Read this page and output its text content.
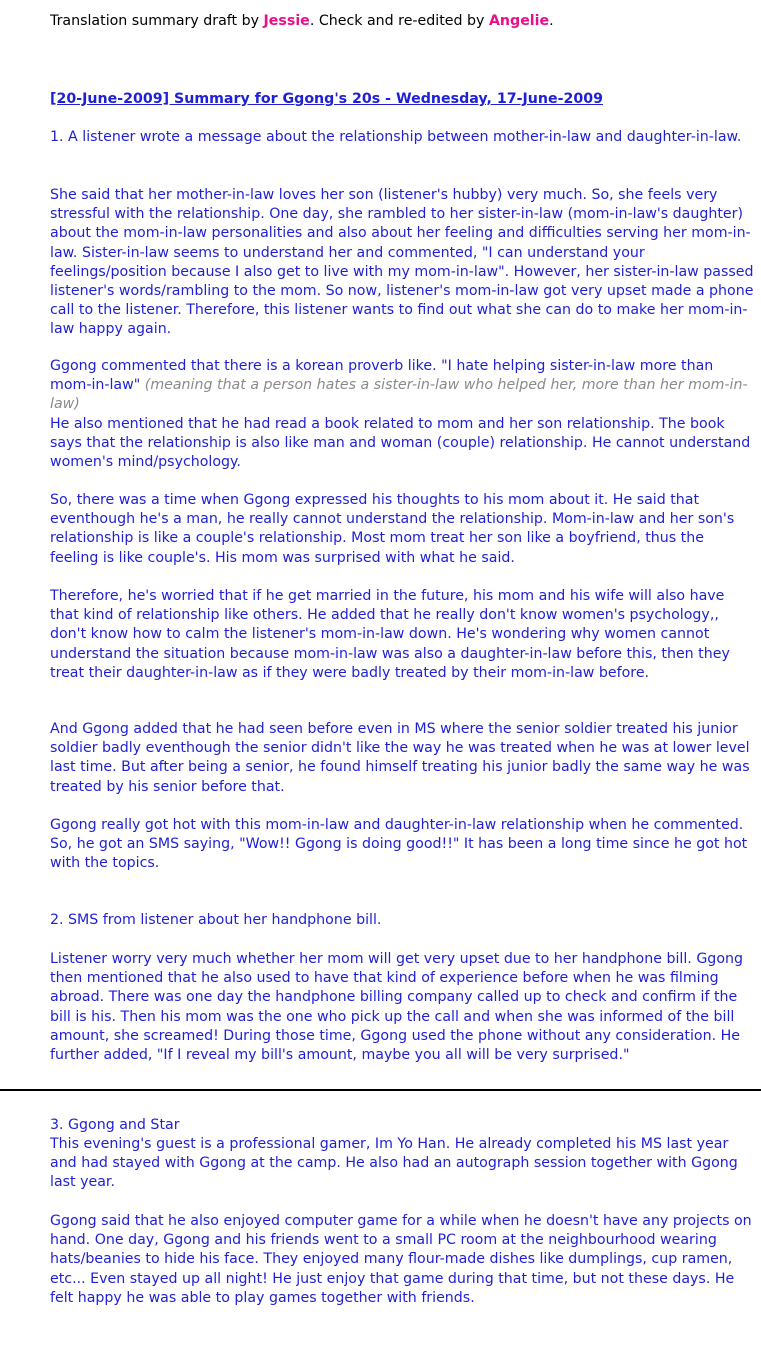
Translation summary draft by Jessie. Check and re-edited by Angelie.

[20-June-2009] Summary for Ggong's 20s - Wednesday, 17-June-2009

1. A listener wrote a message about the relationship between mother-in-law and daughter-in-law.

She said that her mother-in-law loves her son (listener's hubby) very much. So, she feels very stressful with the relationship. One day, she rambled to her sister-in-law (mom-in-law's daughter) about the mom-in-law personalities and also about her feeling and difficulties serving her mom-in-law. Sister-in-law seems to understand her and commented, "I can understand your feelings/position because I also get to live with my mom-in-law". However, her sister-in-law passed listener's words/rambling to the mom. So now, listener's mom-in-law got very upset made a phone call to the listener. Therefore, this listener wants to find out what she can do to make her mom-in-law happy again.

Ggong commented that there is a korean proverb like. "I hate helping sister-in-law more than mom-in-law" (meaning that a person hates a sister-in-law who helped her, more than her mom-in-law)
He also mentioned that he had read a book related to mom and her son relationship. The book says that the relationship is also like man and woman (couple) relationship. He cannot understand women's mind/psychology.

So, there was a time when Ggong expressed his thoughts to his mom about it. He said that eventhough he's a man, he really cannot understand the relationship. Mom-in-law and her son's relationship is like a couple's relationship. Most mom treat her son like a boyfriend, thus the feeling is like couple's. His mom was surprised with what he said.

Therefore, he's worried that if he get married in the future, his mom and his wife will also have that kind of relationship like others. He added that he really don't know women's psychology,, don't know how to calm the listener's mom-in-law down. He's wondering why women cannot understand the situation because mom-in-law was also a daughter-in-law before this, then they treat their daughter-in-law as if they were badly treated by their mom-in-law before.

And Ggong added that he had seen before even in MS where the senior soldier treated his junior soldier badly eventhough the senior didn't like the way he was treated when he was at lower level last time. But after being a senior, he found himself treating his junior badly the same way he was treated by his senior before that.

Ggong really got hot with this mom-in-law and daughter-in-law relationship when he commented. So, he got an SMS saying, "Wow!! Ggong is doing good!!" It has been a long time since he got hot with the topics.

2. SMS from listener about her handphone bill.

Listener worry very much whether her mom will get very upset due to her handphone bill. Ggong then mentioned that he also used to have that kind of experience before when he was filming abroad. There was one day the handphone billing company called up to check and confirm if the bill is his. Then his mom was the one who pick up the call and when she was informed of the bill amount, she screamed! During those time, Ggong used the phone without any consideration. He further added, "If I reveal my bill's amount, maybe you all will be very surprised."

3. Ggong and Star

This evening's guest is a professional gamer, Im Yo Han. He already completed his MS last year and had stayed with Ggong at the camp. He also had an autograph session together with Ggong last year.

Ggong said that he also enjoyed computer game for a while when he doesn't have any projects on hand. One day, Ggong and his friends went to a small PC room at the neighbourhood wearing hats/beanies to hide his face. They enjoyed many flour-made dishes like dumplings, cup ramen, etc... Even stayed up all night! He just enjoy that game during that time, but not these days. He felt happy he was able to play games together with friends.
